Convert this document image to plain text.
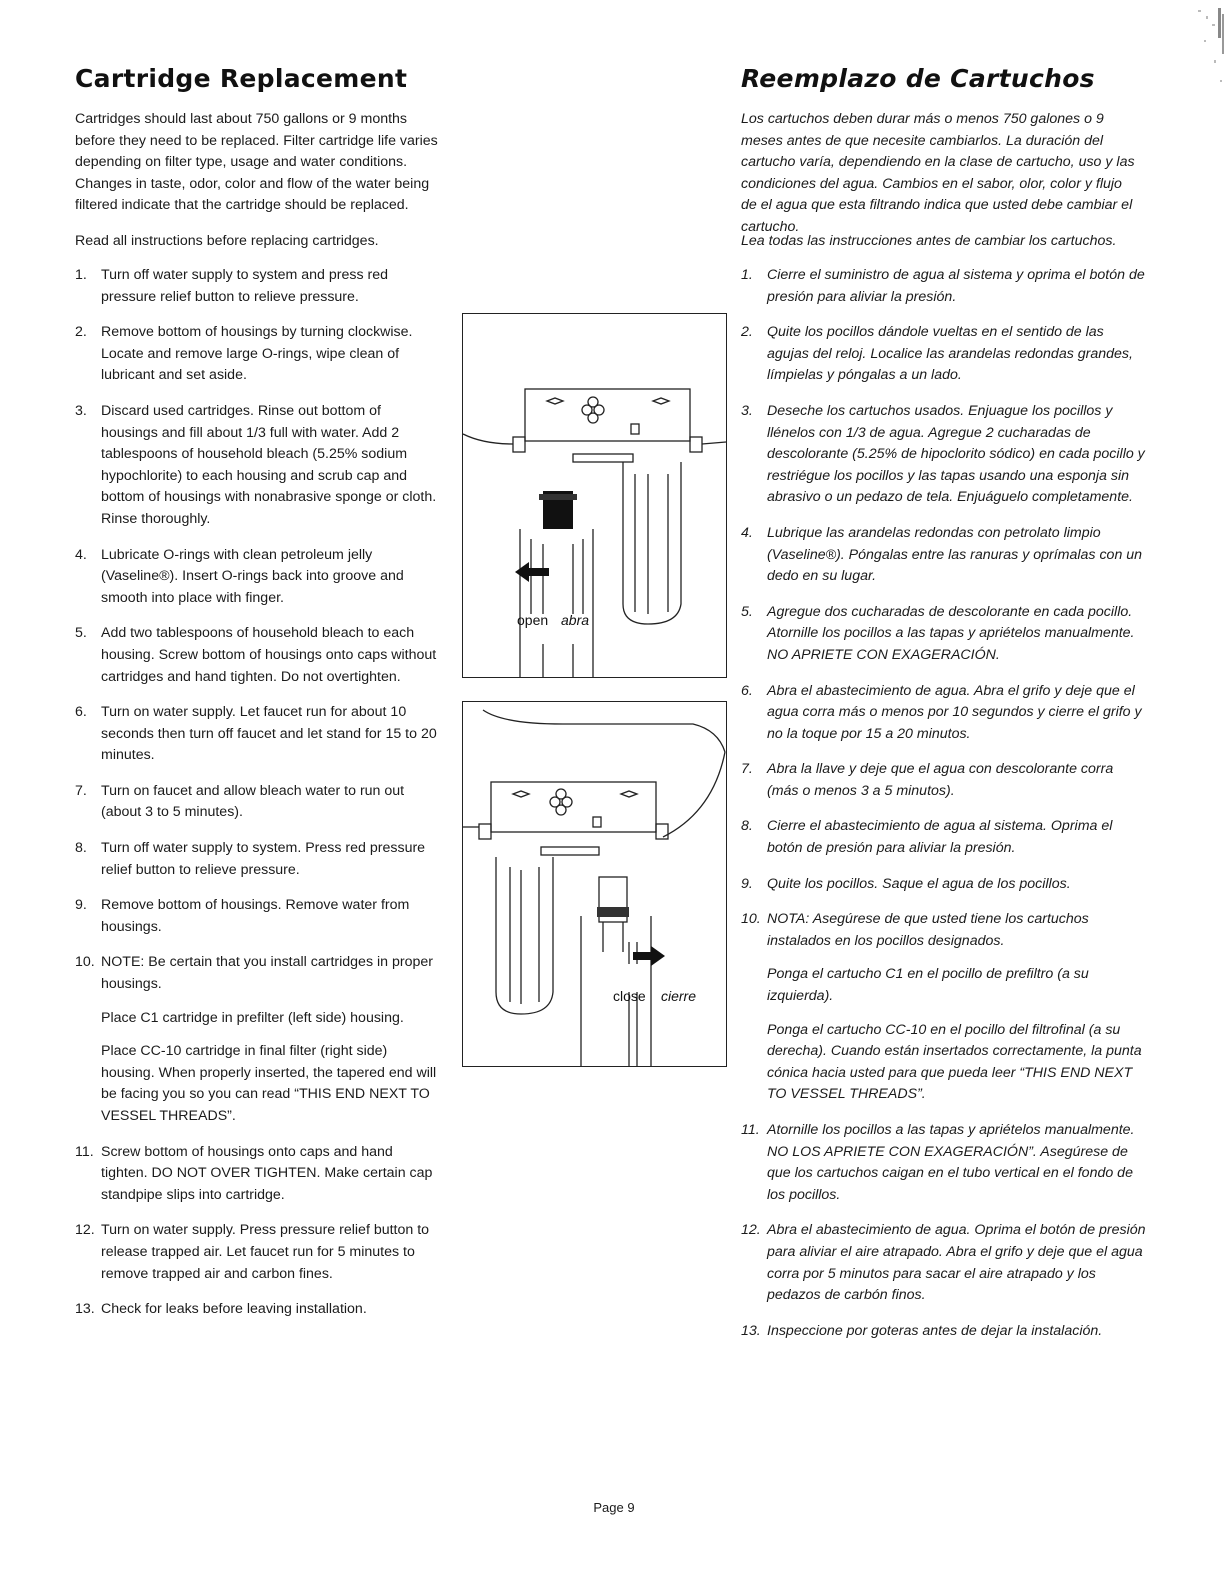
Cartridge Replacement

Cartridges should last about 750 gallons or 9 months before they need to be replaced. Filter cartridge life varies depending on filter type, usage and water conditions. Changes in taste, odor, color and flow of the water being filtered indicate that the cartridge should be replaced.

Read all instructions before replacing cartridges.

1. Turn off water supply to system and press red pressure relief button to relieve pressure.
2. Remove bottom of housings by turning clockwise. Locate and remove large O-rings, wipe clean of lubricant and set aside.
3. Discard used cartridges. Rinse out bottom of housings and fill about 1/3 full with water. Add 2 tablespoons of household bleach (5.25% sodium hypochlorite) to each housing and scrub cap and bottom of housings with nonabrasive sponge or cloth. Rinse thoroughly.
4. Lubricate O-rings with clean petroleum jelly (Vaseline®). Insert O-rings back into groove and smooth into place with finger.
5. Add two tablespoons of household bleach to each housing. Screw bottom of housings onto caps without cartridges and hand tighten. Do not overtighten.
6. Turn on water supply. Let faucet run for about 10 seconds then turn off faucet and let stand for 15 to 20 minutes.
7. Turn on faucet and allow bleach water to run out (about 3 to 5 minutes).
8. Turn off water supply to system. Press red pressure relief button to relieve pressure.
9. Remove bottom of housings. Remove water from housings.
10. NOTE: Be certain that you install cartridges in proper housings.

Place C1 cartridge in prefilter (left side) housing.

Place CC-10 cartridge in final filter (right side) housing. When properly inserted, the tapered end will be facing you so you can read “THIS END NEXT TO VESSEL THREADS”.

11. Screw bottom of housings onto caps and hand tighten. DO NOT OVER TIGHTEN. Make certain cap standpipe slips into cartridge.
12. Turn on water supply. Press pressure relief button to release trapped air. Let faucet run for 5 minutes to remove trapped air and carbon fines.
13. Check for leaks before leaving installation.
open abra
close cierre
Reemplazo de Cartuchos

Los cartuchos deben durar más o menos 750 galones o 9 meses antes de que necesite cambiarlos. La duración del cartucho varía, dependiendo en la clase de cartucho, uso y las condiciones del agua. Cambios en el sabor, olor, color y flujo de el agua que esta filtrando indica que usted debe cambiar el cartucho.

Lea todas las instrucciones antes de cambiar los cartuchos.

1. Cierre el suministro de agua al sistema y oprima el botón de presión para aliviar la presión.
2. Quite los pocillos dándole vueltas en el sentido de las agujas del reloj. Localice las arandelas redondas grandes, límpielas y póngalas a un lado.
3. Deseche los cartuchos usados. Enjuague los pocillos y llénelos con 1/3 de agua. Agregue 2 cucharadas de descolorante (5.25% de hipoclorito sódico) en cada pocillo y restriégue los pocillos y las tapas usando una esponja sin abrasivo o un pedazo de tela. Enjuáguelo completamente.
4. Lubrique las arandelas redondas con petrolato limpio (Vaseline®). Póngalas entre las ranuras y oprímalas con un dedo en su lugar.
5. Agregue dos cucharadas de descolorante en cada pocillo. Atornille los pocillos a las tapas y apriételos manualmente. NO APRIETE CON EXAGERACIÓN.
6. Abra el abastecimiento de agua. Abra el grifo y deje que el agua corra más o menos por 10 segundos y cierre el grifo y no la toque por 15 a 20 minutos.
7. Abra la llave y deje que el agua con descolorante corra (más o menos 3 a 5 minutos).
8. Cierre el abastecimiento de agua al sistema. Oprima el botón de presión para aliviar la presión.
9. Quite los pocillos. Saque el agua de los pocillos.
10. NOTA: Asegúrese de que usted tiene los cartuchos instalados en los pocillos designados.

Ponga el cartucho C1 en el pocillo de prefiltro (a su izquierda).

Ponga el cartucho CC-10 en el pocillo del filtrofinal (a su derecha). Cuando están insertados correctamente, la punta cónica hacia usted para que pueda leer “THIS END NEXT TO VESSEL THREADS”.

11. Atornille los pocillos a las tapas y apriételos manualmente. NO LOS APRIETE CON EXAGERACIÓN”. Asegúrese de que los cartuchos caigan en el tubo vertical en el fondo de los pocillos.
12. Abra el abastecimiento de agua. Oprima el botón de presión para aliviar el aire atrapado. Abra el grifo y deje que el agua corra por 5 minutos para sacar el aire atrapado y los pedazos de carbón finos.
13. Inspeccione por goteras antes de dejar la instalación.
Page 9
